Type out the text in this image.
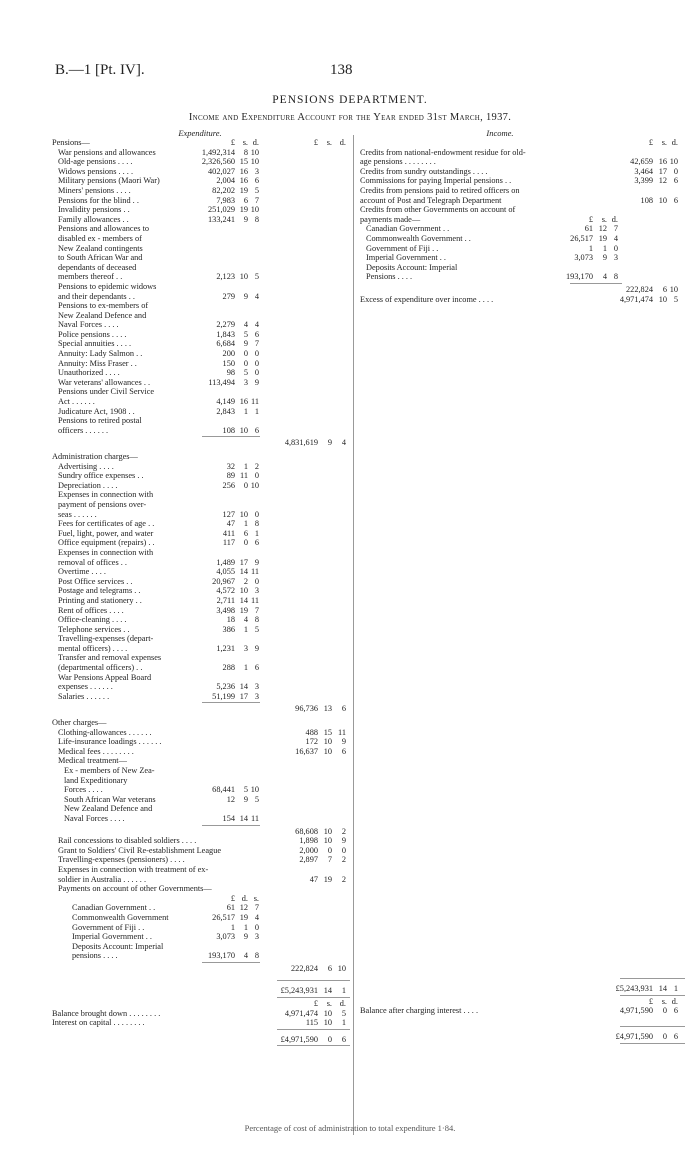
B.—1 [Pt. IV].	138
PENSIONS DEPARTMENT.
Income and Expenditure Account for the Year ended 31st March, 1937.
Expenditure.	Income.
Pensions—	£ s. d.	£ s. d.
War pensions and allowances	1,492,314 8 10
Old-age pensions . . . .	2,326,560 15 10
Widows pensions . . . .	402,027 16 3
Military pensions (Maori War)	2,004 16 6
Miners' pensions . . . .	82,202 19 5
Pensions for the blind . .	7,983 6 7
Invalidity pensions . .	251,029 19 10
Family allowances . .	133,241 9 8
Pensions and allowances to
disabled ex - members of
New Zealand contingents
to South African War and
dependants of deceased
members thereof . .	2,123 10 5
Pensions to epidemic widows
and their dependants . .	279 9 4
Pensions to ex-members of
New Zealand Defence and
Naval Forces . . . .	2,279 4 4
Police pensions . . . .	1,843 5 6
Special annuities . . . .	6,684 9 7
Annuity: Lady Salmon . .	200 0 0
Annuity: Miss Fraser . .	150 0 0
Unauthorized . . . .	98 5 0
War veterans' allowances . .	113,494 3 9
Pensions under Civil Service
Act . . . . . .	4,149 16 11
Judicature Act, 1908 . .	2,843 1 1
Pensions to retired postal
officers . . . . . .	108 10 6
4,831,619 9 4
Administration charges—
Advertising . . . .	32 1 2
Sundry office expenses . .	89 11 0
Depreciation . . . .	256 0 10
Expenses in connection with
payment of pensions over-
seas . . . . . .	127 10 0
Fees for certificates of age . .	47 1 8
Fuel, light, power, and water	411 6 1
Office equipment (repairs) . .	117 0 6
Expenses in connection with
removal of offices . .	1,489 17 9
Overtime . . . .	4,055 14 11
Post Office services . .	20,967 2 0
Postage and telegrams . .	4,572 10 3
Printing and stationery . .	2,711 14 11
Rent of offices . . . .	3,498 19 7
Office-cleaning . . . .	18 4 8
Telephone services . .	386 1 5
Travelling-expenses (depart-
mental officers) . . . .	1,231 3 9
Transfer and removal expenses
(departmental officers) . .	288 1 6
War Pensions Appeal Board
expenses . . . . . .	5,236 14 3
Salaries . . . . . .	51,199 17 3
96,736 13 6
Other charges—
Clothing-allowances . . . . . .	488 15 11
Life-insurance loadings . . . . . .	172 10 9
Medical fees . . . . . . . .	16,637 10 6
Medical treatment—
Ex - members of New Zea-
land Expeditionary
Forces . . . .	68,441 5 10
South African War veterans	12 9 5
New Zealand Defence and
Naval Forces . . . .	154 14 11
68,608 10 2
Rail concessions to disabled soldiers . . . .	1,898 10 9
Grant to Soldiers' Civil Re-establishment League	2,000 0 0
Travelling-expenses (pensioners) . . . .	2,897 7 2
Expenses in connection with treatment of ex-
soldier in Australia . . . . . .	47 19 2
Payments on account of other Governments—
£ d. s.
Canadian Government . .	61 12 7
Commonwealth Government	26,517 19 4
Government of Fiji . .	1 1 0
Imperial Government . .	3,073 9 3
Deposits Account: Imperial
pensions . . . .	193,170 4 8
222,824 6 10
£5,243,931 14 1
£ s. d.
Balance brought down . . . . . . . .	4,971,474 10 5
Interest on capital . . . . . . . .	115 10 1
£4,971,590 0 6
£ s. d.
Credits from national-endowment residue for old-
age pensions . . . . . . . .	42,659 16 10
Credits from sundry outstandings . . . .	3,464 17 0
Commissions for paying Imperial pensions . .	3,399 12 6
Credits from pensions paid to retired officers on
account of Post and Telegraph Department	108 10 6
Credits from other Governments on account of
payments made—	£ s. d.
Canadian Government . .	61 12 7
Commonwealth Government . .	26,517 19 4
Government of Fiji . .	1 1 0
Imperial Government . .	3,073 9 3
Deposits Account: Imperial
Pensions . . . .	193,170 4 8
222,824 6 10
Excess of expenditure over income . . . .	4,971,474 10 5
£5,243,931 14 1
£ s. d.
Balance after charging interest . . . .	4,971,590 0 6
£4,971,590 0 6
Percentage of cost of administration to total expenditure 1·84.
